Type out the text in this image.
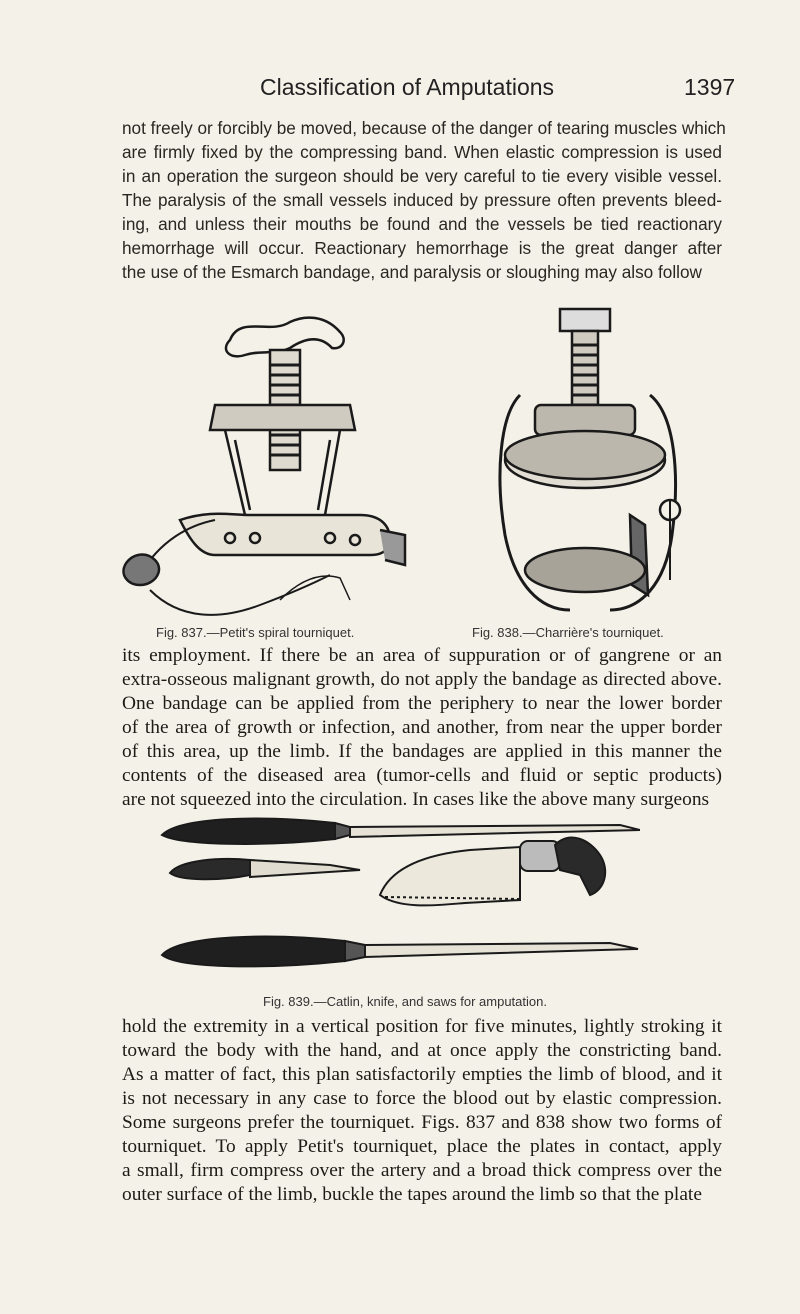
Classification of Amputations	1397
not freely or forcibly be moved, because of the danger of tearing muscles which
are firmly fixed by the compressing band. When elastic compression is used
in an operation the surgeon should be very careful to tie every visible vessel.
The paralysis of the small vessels induced by pressure often prevents bleed-
ing, and unless their mouths be found and the vessels be tied reactionary
hemorrhage will occur. Reactionary hemorrhage is the great danger after
the use of the Esmarch bandage, and paralysis or sloughing may also follow
Fig. 837.—Petit's spiral tourniquet.	Fig. 838.—Charrière's tourniquet.
its employment. If there be an area of suppuration or of gangrene or an
extra-osseous malignant growth, do not apply the bandage as directed above.
One bandage can be applied from the periphery to near the lower border
of the area of growth or infection, and another, from near the upper border
of this area, up the limb. If the bandages are applied in this manner the
contents of the diseased area (tumor-cells and fluid or septic products)
are not squeezed into the circulation. In cases like the above many surgeons
Fig. 839.—Catlin, knife, and saws for amputation.
hold the extremity in a vertical position for five minutes, lightly stroking it
toward the body with the hand, and at once apply the constricting band.
As a matter of fact, this plan satisfactorily empties the limb of blood, and it
is not necessary in any case to force the blood out by elastic compression.
Some surgeons prefer the tourniquet. Figs. 837 and 838 show two forms of
tourniquet. To apply Petit's tourniquet, place the plates in contact, apply
a small, firm compress over the artery and a broad thick compress over the
outer surface of the limb, buckle the tapes around the limb so that the plate
